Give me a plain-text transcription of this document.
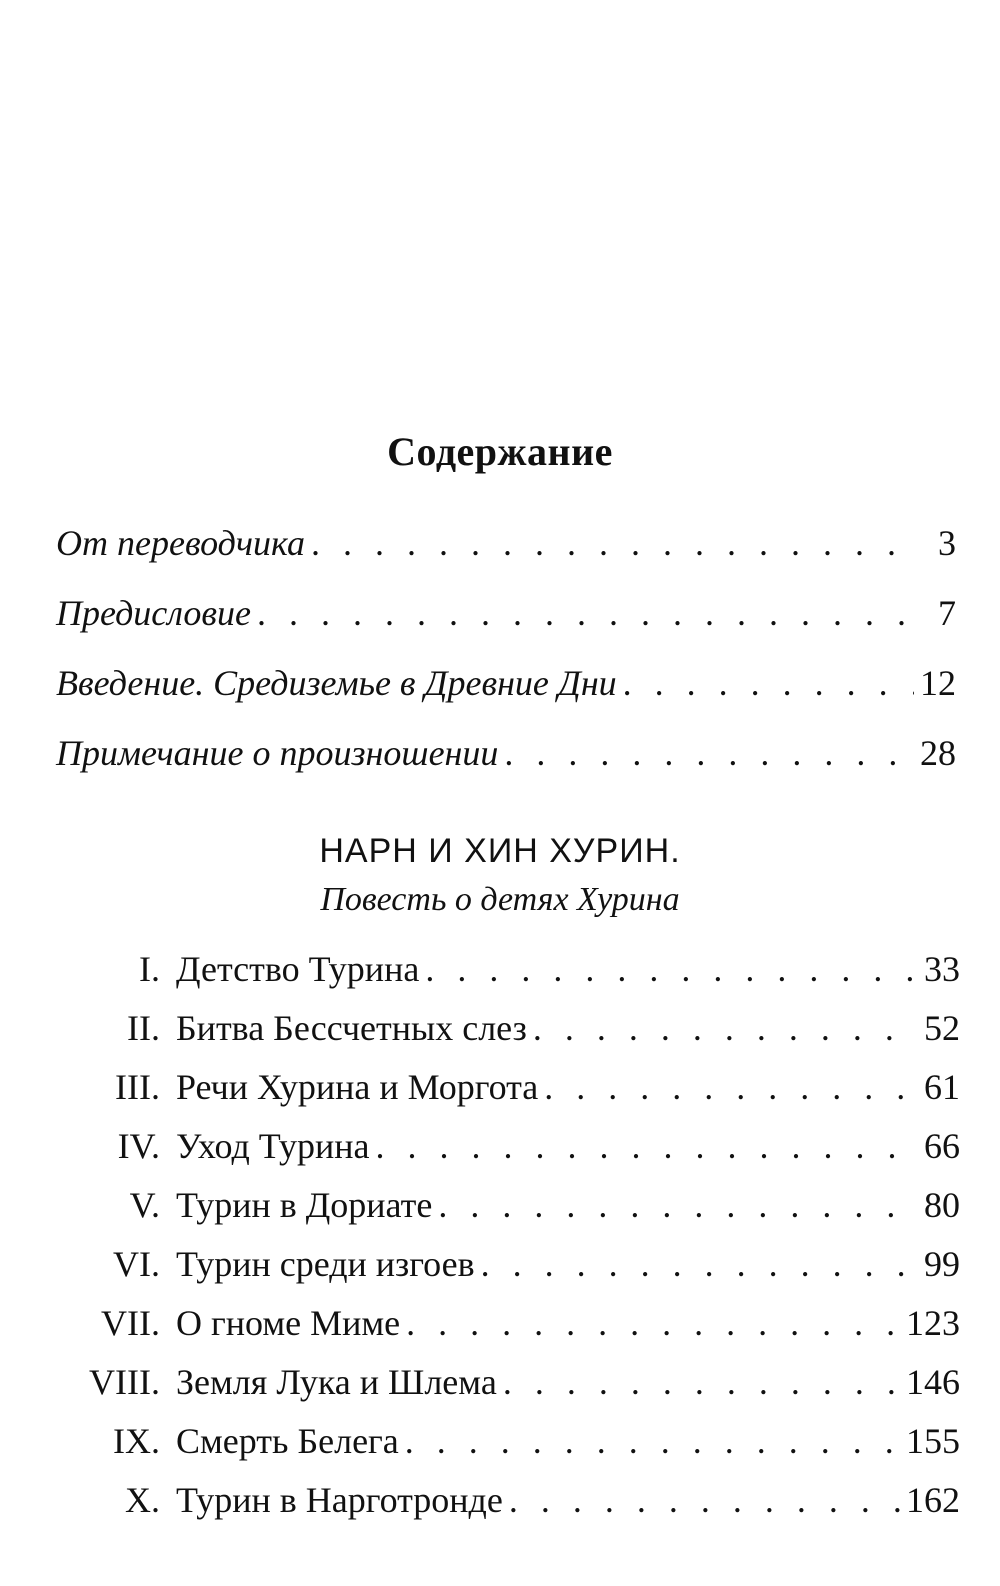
Содержание
От переводчика . . .	3
Предисловие . . .	7
Введение. Средиземье в Древние Дни . . .	12
Примечание о произношении . . .	28
НАРН И ХИН ХУРИН.
Повесть о детях Хурина
I. Детство Турина . . .	33
II. Битва Бессчетных слез . . .	52
III. Речи Хурина и Моргота . . .	61
IV. Уход Турина . . .	66
V. Турин в Дориате . . .	80
VI. Турин среди изгоев . . .	99
VII. О гноме Миме . . .	123
VIII. Земля Лука и Шлема . . .	146
IX. Смерть Белега . . .	155
X. Турин в Нарготронде . . .	162
